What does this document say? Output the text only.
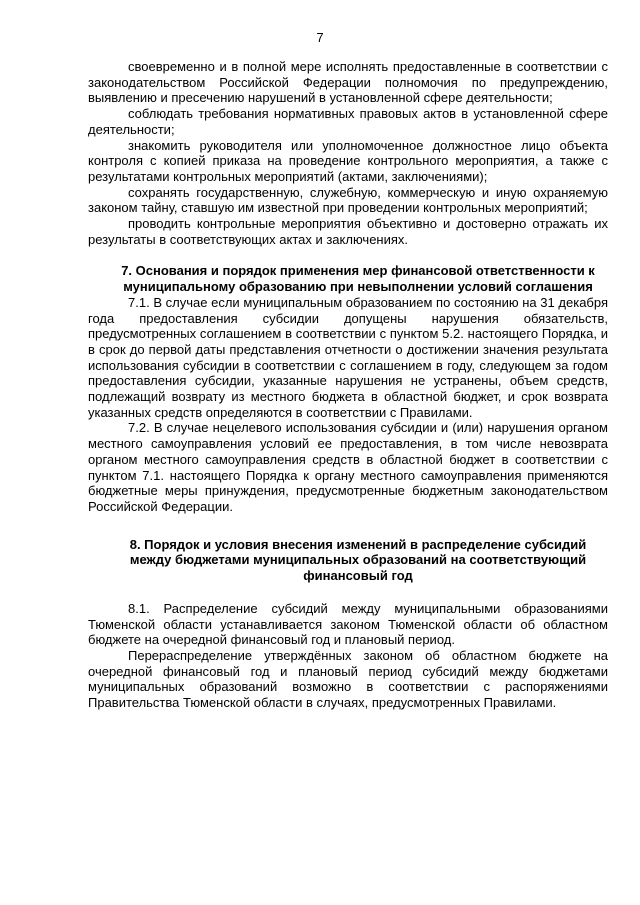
7

своевременно и в полной мере исполнять предоставленные в соответствии с законодательством Российской Федерации полномочия по предупреждению, выявлению и пресечению нарушений в установленной сфере деятельности;

соблюдать требования нормативных правовых актов в установленной сфере деятельности;

знакомить руководителя или уполномоченное должностное лицо объекта контроля с копией приказа на проведение контрольного мероприятия, а также с результатами контрольных мероприятий (актами, заключениями);

сохранять государственную, служебную, коммерческую и иную охраняемую законом тайну, ставшую им известной при проведении контрольных мероприятий;

проводить контрольные мероприятия объективно и достоверно отражать их результаты в соответствующих актах и заключениях.

7. Основания и порядок применения мер финансовой ответственности к муниципальному образованию при невыполнении условий соглашения

7.1. В случае если муниципальным образованием по состоянию на 31 декабря года предоставления субсидии допущены нарушения обязательств, предусмотренных соглашением в соответствии с пунктом 5.2. настоящего Порядка, и в срок до первой даты представления отчетности о достижении значения результата использования субсидии в соответствии с соглашением в году, следующем за годом предоставления субсидии, указанные нарушения не устранены, объем средств, подлежащий возврату из местного бюджета в областной бюджет, и срок возврата указанных средств определяются в соответствии с Правилами.

7.2. В случае нецелевого использования субсидии и (или) нарушения органом местного самоуправления условий ее предоставления, в том числе невозврата органом местного самоуправления средств в областной бюджет в соответствии с пунктом 7.1. настоящего Порядка к органу местного самоуправления применяются бюджетные меры принуждения, предусмотренные бюджетным законодательством Российской Федерации.

8. Порядок и условия внесения изменений в распределение субсидий между бюджетами муниципальных образований на соответствующий финансовый год

8.1. Распределение субсидий между муниципальными образованиями Тюменской области устанавливается законом Тюменской области об областном бюджете на очередной финансовый год и плановый период.

Перераспределение утверждённых законом об областном бюджете на очередной финансовый год и плановый период субсидий между бюджетами муниципальных образований возможно в соответствии с распоряжениями Правительства Тюменской области в случаях, предусмотренных Правилами.
